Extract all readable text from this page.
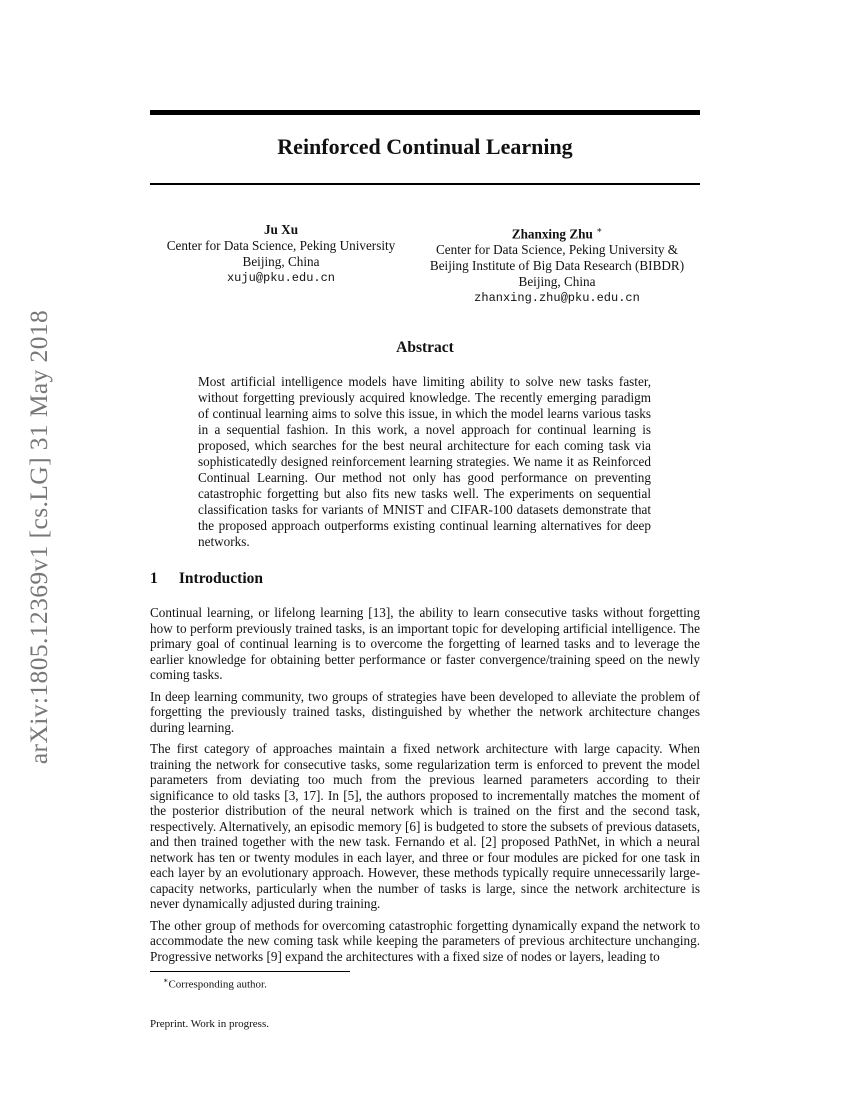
arXiv:1805.12369v1 [cs.LG] 31 May 2018
Reinforced Continual Learning
Ju Xu
Center for Data Science, Peking University
Beijing, China
xuju@pku.edu.cn
Zhanxing Zhu ∗
Center for Data Science, Peking University &
Beijing Institute of Big Data Research (BIBDR)
Beijing, China
zhanxing.zhu@pku.edu.cn
Abstract

Most artificial intelligence models have limiting ability to solve new tasks faster, without forgetting previously acquired knowledge. The recently emerging paradigm of continual learning aims to solve this issue, in which the model learns various tasks in a sequential fashion. In this work, a novel approach for continual learning is proposed, which searches for the best neural architecture for each coming task via sophisticatedly designed reinforcement learning strategies. We name it as Reinforced Continual Learning. Our method not only has good performance on preventing catastrophic forgetting but also fits new tasks well. The experiments on sequential classification tasks for variants of MNIST and CIFAR-100 datasets demonstrate that the proposed approach outperforms existing continual learning alternatives for deep networks.

1 Introduction

Continual learning, or lifelong learning [13], the ability to learn consecutive tasks without forgetting how to perform previously trained tasks, is an important topic for developing artificial intelligence. The primary goal of continual learning is to overcome the forgetting of learned tasks and to leverage the earlier knowledge for obtaining better performance or faster convergence/training speed on the newly coming tasks.

In deep learning community, two groups of strategies have been developed to alleviate the problem of forgetting the previously trained tasks, distinguished by whether the network architecture changes during learning.

The first category of approaches maintain a fixed network architecture with large capacity. When training the network for consecutive tasks, some regularization term is enforced to prevent the model parameters from deviating too much from the previous learned parameters according to their significance to old tasks [3, 17]. In [5], the authors proposed to incrementally matches the moment of the posterior distribution of the neural network which is trained on the first and the second task, respectively. Alternatively, an episodic memory [6] is budgeted to store the subsets of previous datasets, and then trained together with the new task. Fernando et al. [2] proposed PathNet, in which a neural network has ten or twenty modules in each layer, and three or four modules are picked for one task in each layer by an evolutionary approach. However, these methods typically require unnecessarily large-capacity networks, particularly when the number of tasks is large, since the network architecture is never dynamically adjusted during training.

The other group of methods for overcoming catastrophic forgetting dynamically expand the network to accommodate the new coming task while keeping the parameters of previous architecture unchanging. Progressive networks [9] expand the architectures with a fixed size of nodes or layers, leading to

∗Corresponding author.
Preprint. Work in progress.
